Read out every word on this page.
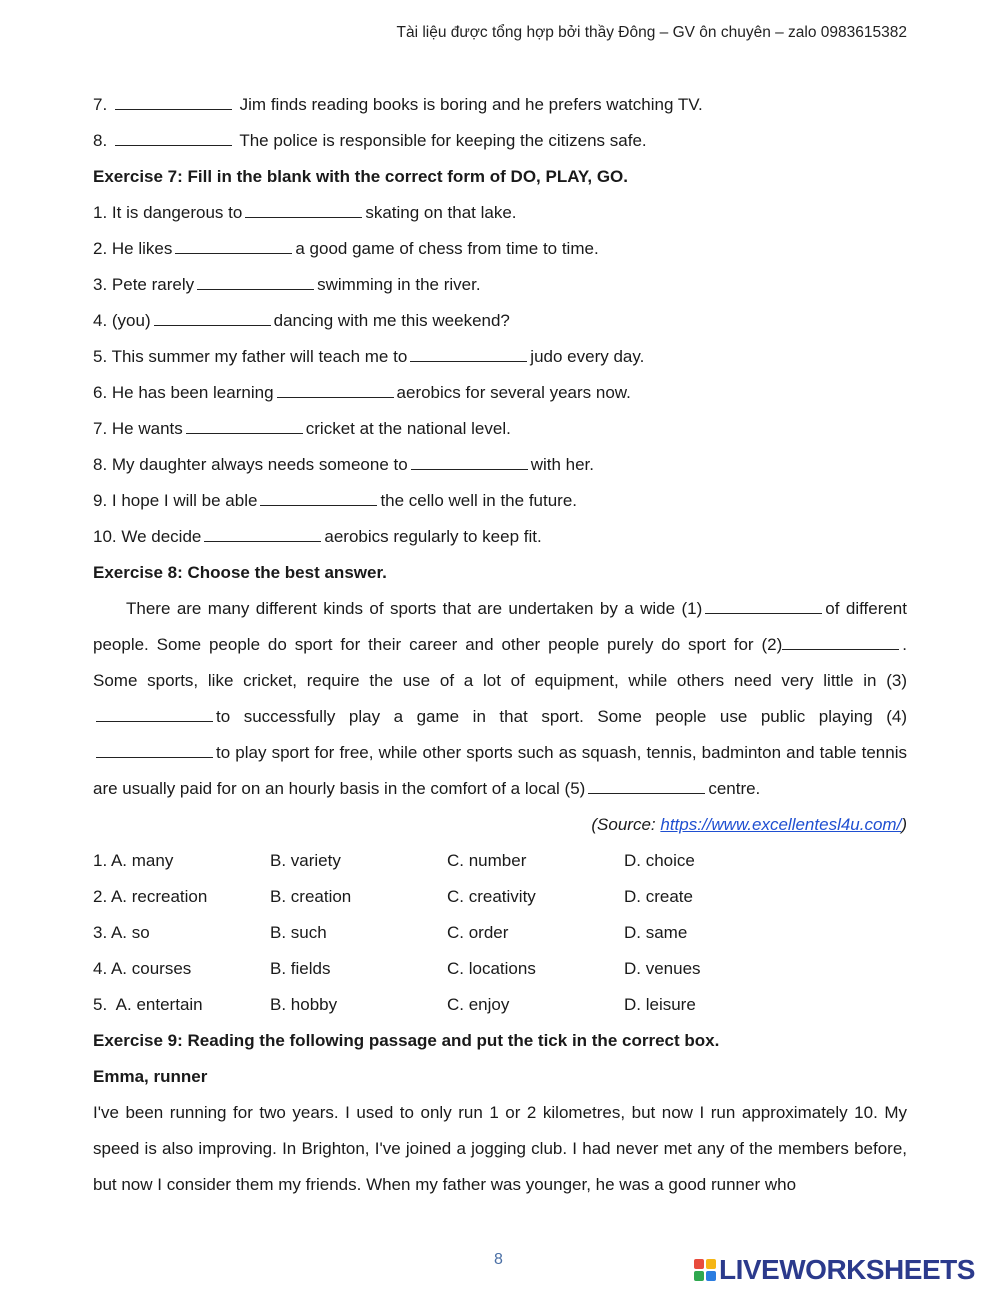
Tài liệu được tổng hợp bởi thầy Đông – GV ôn chuyên – zalo 0983615382
7.	Jim finds reading books is boring and he prefers watching TV.
8.	The police is responsible for keeping the citizens safe.
Exercise 7: Fill in the blank with the correct form of DO, PLAY, GO.
1. It is dangerous to	skating on that lake.
2. He likes	a good game of chess from time to time.
3. Pete rarely	swimming in the river.
4. (you)	dancing with me this weekend?
5. This summer my father will teach me to	judo every day.
6. He has been learning	aerobics for several years now.
7. He wants	cricket at the national level.
8. My daughter always needs someone to	with her.
9. I hope I will be able	the cello well in the future.
10. We decide	aerobics regularly to keep fit.
Exercise 8: Choose the best answer.
There are many different kinds of sports that are undertaken by a wide (1)	of different people. Some people do sport for their career and other people purely do sport for (2)	. Some sports, like cricket, require the use of a lot of equipment, while others need very little in (3)to successfully play a game in that sport. Some people use public playing (4)to play sport for free, while other sports such as squash, tennis, badminton and table tennis are usually paid for on an hourly basis in the comfort of a local (5)	centre.
(Source: https://www.excellentesl4u.com/)
1. A. many	B. variety	C. number	D. choice
2. A. recreation	B. creation	C. creativity	D. create
3. A. so	B. such	C. order	D. same
4. A. courses	B. fields	C. locations	D. venues
5.  A. entertain	B. hobby	C. enjoy	D. leisure
Exercise 9: Reading the following passage and put the tick in the correct box.
Emma, runner
I've been running for two years. I used to only run 1 or 2 kilometres, but now I run approximately 10. My speed is also improving. In Brighton, I've joined a jogging club. I had never met any of the members before, but now I consider them my friends. When my father was younger, he was a good runner who
8	LIVEWORKSHEETS
